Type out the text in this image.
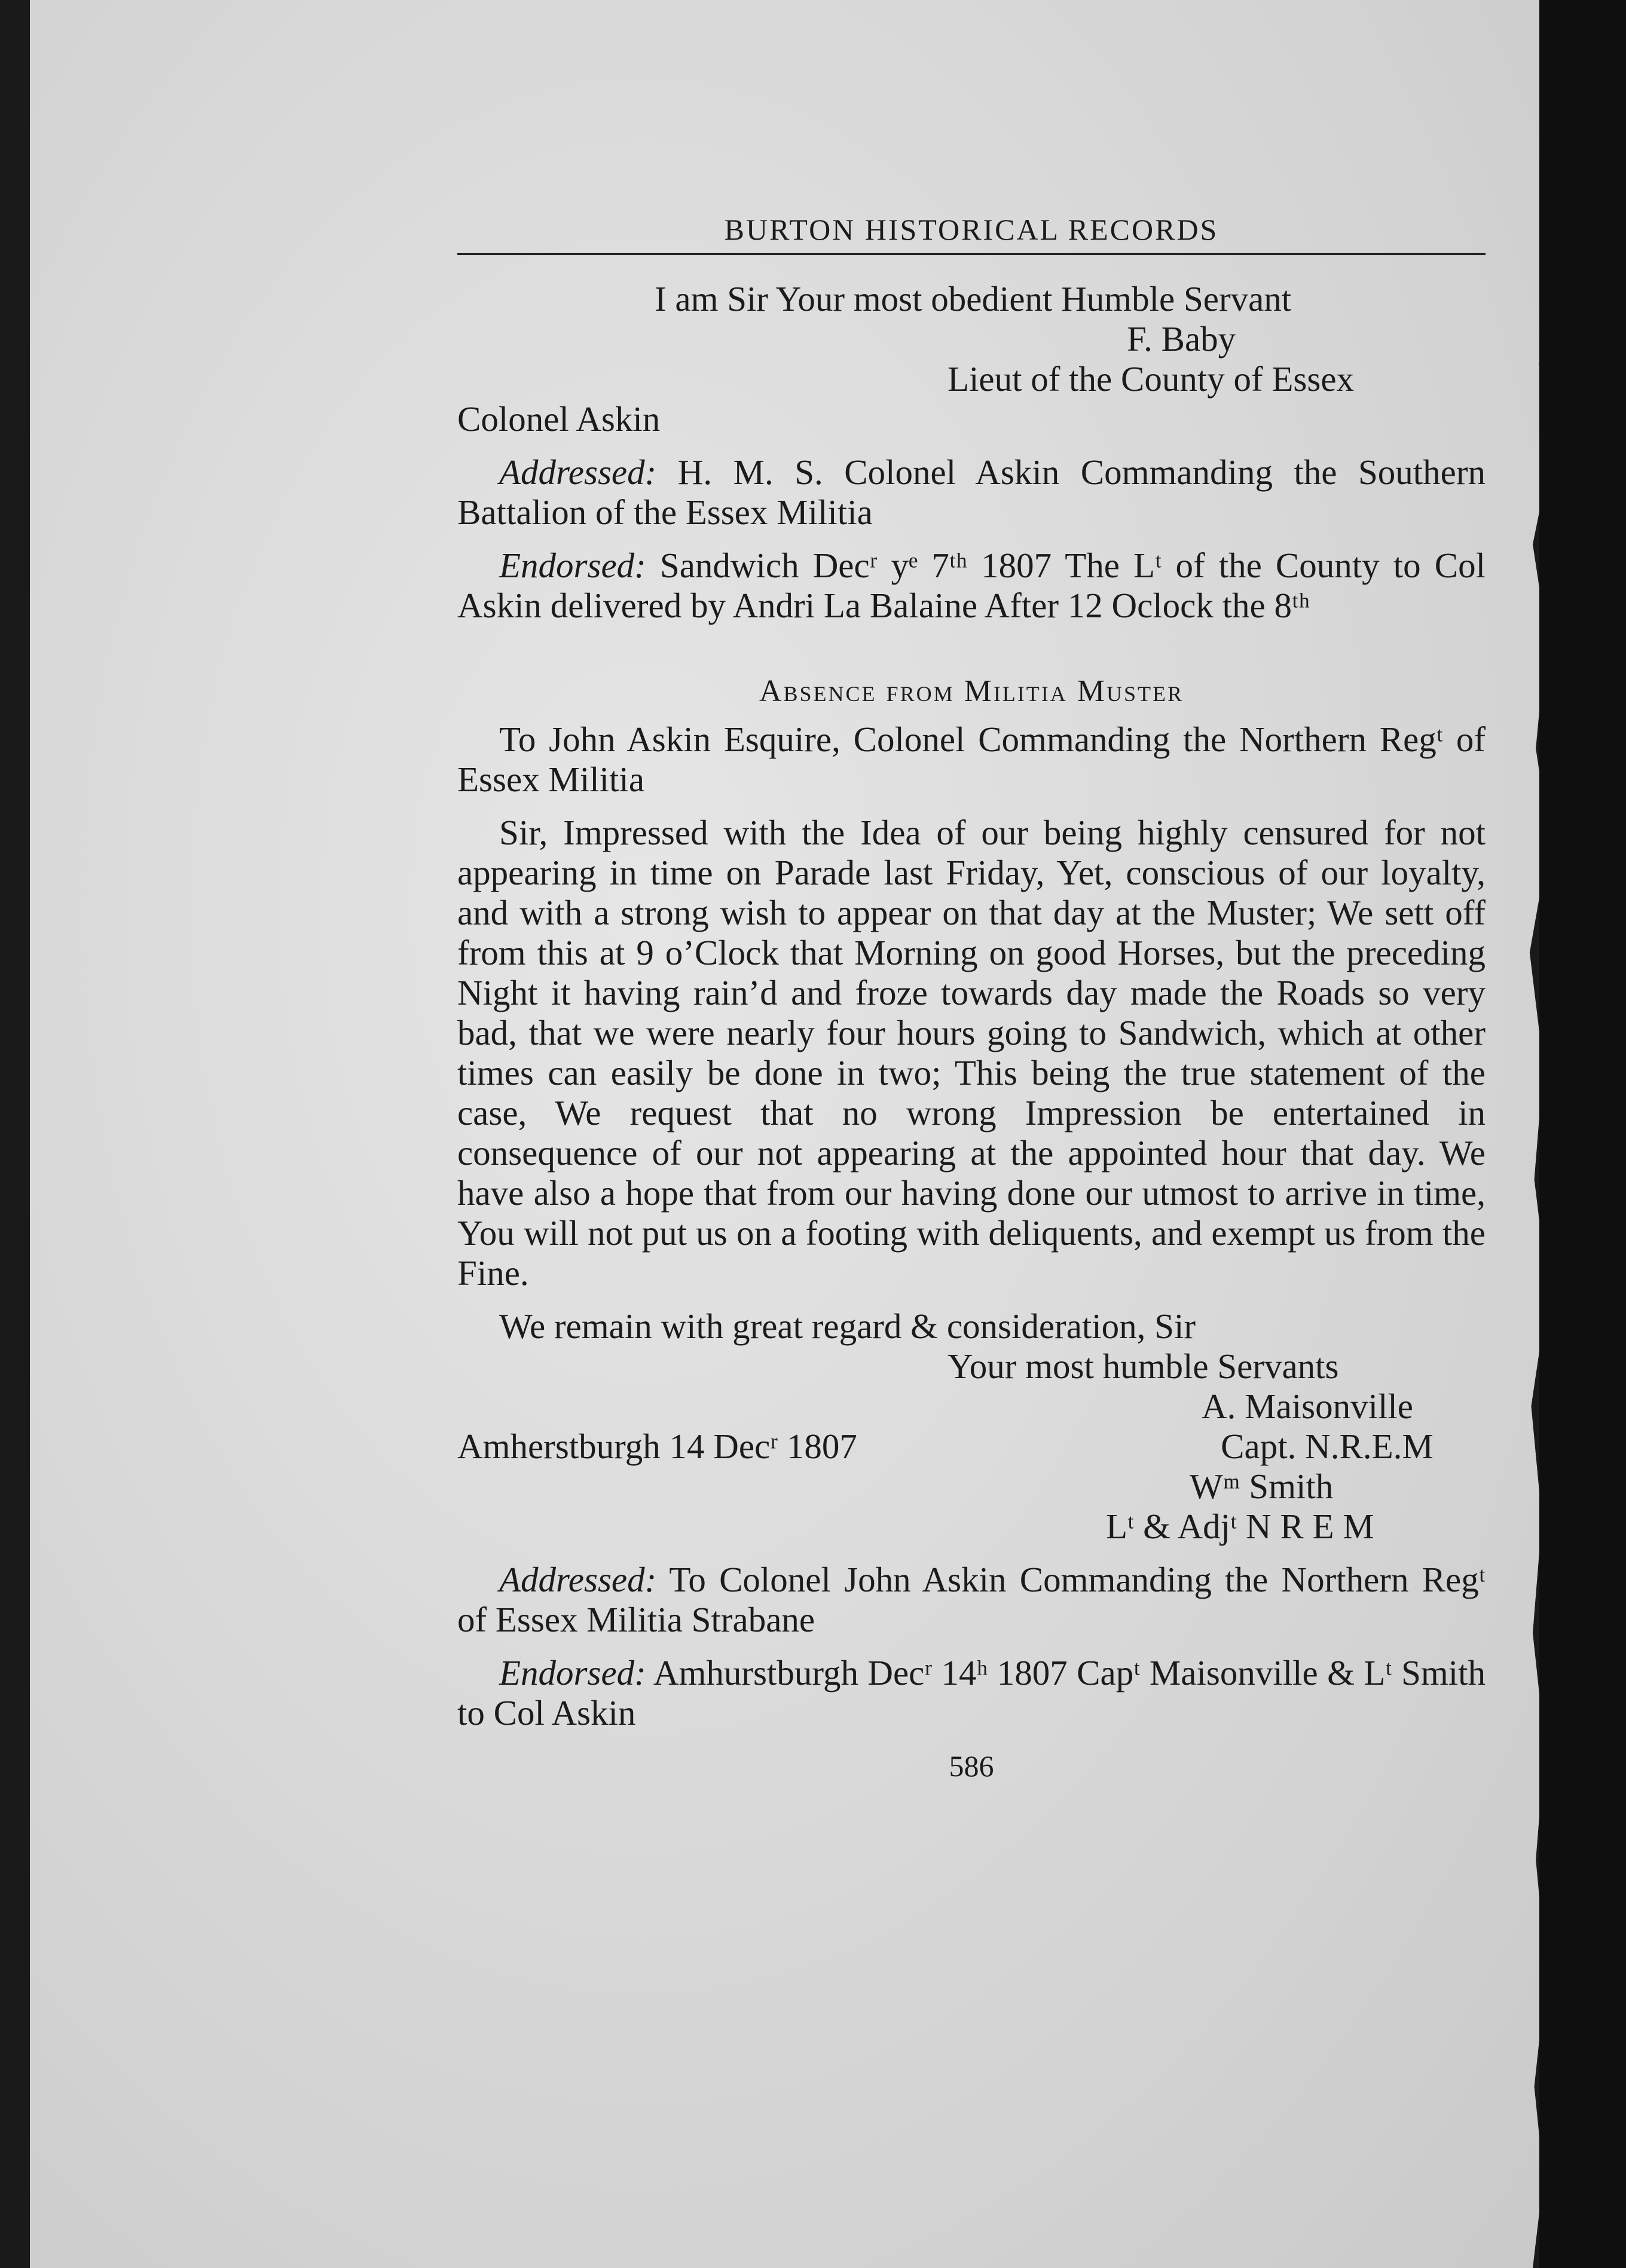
BURTON HISTORICAL RECORDS

I am Sir Your most obedient Humble Servant

F. Baby

Lieut of the County of Essex

Colonel Askin

Addressed: H. M. S. Colonel Askin Commanding the Southern Battalion of the Essex Militia

Endorsed: Sandwich Decʳ yᵉ 7ᵗʰ 1807 The Lᵗ of the County to Col Askin delivered by Andri La Balaine After 12 Oclock the 8ᵗʰ

Absence from Militia Muster

To John Askin Esquire, Colonel Commanding the Northern Regᵗ of Essex Militia

Sir, Impressed with the Idea of our being highly censured for not appearing in time on Parade last Friday, Yet, conscious of our loyalty, and with a strong wish to appear on that day at the Muster; We sett off from this at 9 o’Clock that Morning on good Horses, but the preceding Night it having rain’d and froze towards day made the Roads so very bad, that we were nearly four hours going to Sandwich, which at other times can easily be done in two; This being the true statement of the case, We request that no wrong Impression be entertained in consequence of our not appearing at the appointed hour that day. We have also a hope that from our having done our utmost to arrive in time, You will not put us on a footing with deliquents, and exempt us from the Fine.

We remain with great regard & consideration, Sir

Your most humble Servants

A. Maisonville

Amherstburgh 14 Decʳ 1807	Capt. N.R.E.M

Wᵐ Smith

Lᵗ & Adjᵗ N R E M

Addressed: To Colonel John Askin Commanding the Northern Regᵗ of Essex Militia Strabane

Endorsed: Amhurstburgh Decʳ 14ʰ 1807 Capᵗ Maisonville & Lᵗ Smith to Col Askin

586
